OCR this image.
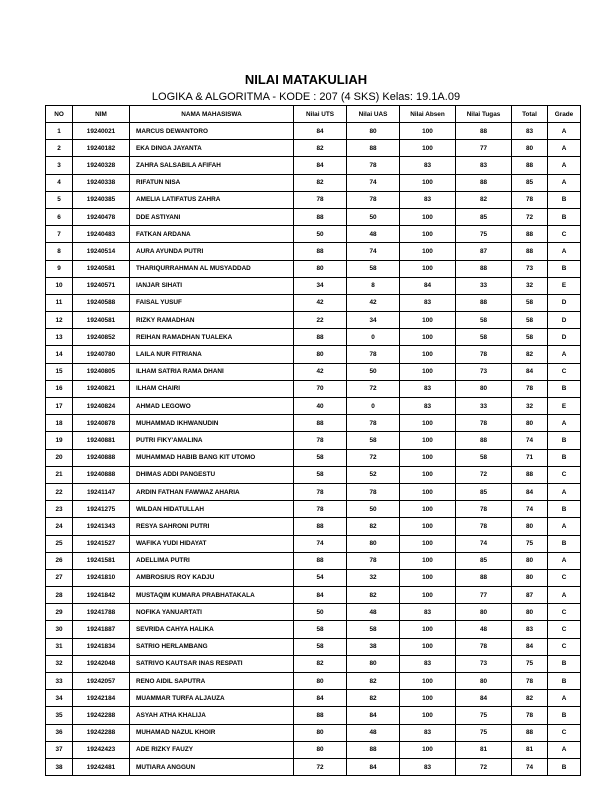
NILAI MATAKULIAH
LOGIKA & ALGORITMA - KODE : 207 (4 SKS) Kelas: 19.1A.09
NO	NIM	NAMA MAHASISWA	Nilai UTS	Nilai UAS	Nilai Absen	Nilai Tugas	Total	Grade
1	19240021	MARCUS DEWANTORO	84	80	100	88	83	A
2	19240182	EKA DINGA JAYANTA	82	88	100	77	80	A
3	19240328	ZAHRA SALSABILA AFIFAH	84	78	83	83	88	A
4	19240338	RIFATUN NISA	82	74	100	88	85	A
5	19240385	AMELIA LATIFATUS ZAHRA	78	78	83	82	78	B
6	19240478	DDE ASTIYANI	88	50	100	85	72	B
7	19240483	FATKAN ARDANA	50	48	100	75	88	C
8	19240514	AURA AYUNDA PUTRI	88	74	100	87	88	A
9	19240581	THARIQURRAHMAN AL MUSYADDAD	80	58	100	88	73	B
10	19240571	IANJAR SIHATI	34	8	84	33	32	E
11	19240588	FAISAL YUSUF	42	42	83	88	58	D
12	19240581	RIZKY RAMADHAN	22	34	100	58	58	D
13	19240852	REIHAN RAMADHAN TUALEKA	88	0	100	58	58	D
14	19240780	LAILA NUR FITRIANA	80	78	100	78	82	A
15	19240805	ILHAM SATRIA RAMA DHANI	42	50	100	73	84	C
16	19240821	ILHAM CHAIRI	70	72	83	80	78	B
17	19240824	AHMAD LEGOWO	40	0	83	33	32	E
18	19240878	MUHAMMAD IKHWANUDIN	88	78	100	78	80	A
19	19240881	PUTRI FIKY'AMALINA	78	58	100	88	74	B
20	19240888	MUHAMMAD HABIB BANG KIT UTOMO	58	72	100	58	71	B
21	19240888	DHIMAS ADDI PANGESTU	58	52	100	72	88	C
22	19241147	ARDIN FATHAN FAWWAZ AHARIA	78	78	100	85	84	A
23	19241275	WILDAN HIDATULLAH	78	50	100	78	74	B
24	19241343	RESYA SAHRONI PUTRI	88	82	100	78	80	A
25	19241527	WAFIKA YUDI HIDAYAT	74	80	100	74	75	B
26	19241581	ADELLIMA PUTRI	88	78	100	85	80	A
27	19241810	AMBROSIUS ROY KADJU	54	32	100	88	80	C
28	19241842	MUSTAQIM KUMARA PRABHATAKALA	84	82	100	77	87	A
29	19241788	NOFIKA YANUARTATI	50	48	83	80	80	C
30	19241887	SEVRIDA CAHYA HALIKA	58	58	100	48	83	C
31	19241834	SATRIO HERLAMBANG	58	38	100	78	84	C
32	19242048	SATRIVO KAUTSAR INAS RESPATI	82	80	83	73	75	B
33	19242057	RENO AIDIL SAPUTRA	80	82	100	80	78	B
34	19242184	MUAMMAR TURFA ALJAUZA	84	82	100	84	82	A
35	19242288	ASYAH ATHA KHALIJA	88	84	100	75	78	B
36	19242288	MUHAMAD NAZUL KHOIR	80	48	83	75	88	C
37	19242423	ADE RIZKY FAUZY	80	88	100	81	81	A
38	19242481	MUTIARA ANGGUN	72	84	83	72	74	B
